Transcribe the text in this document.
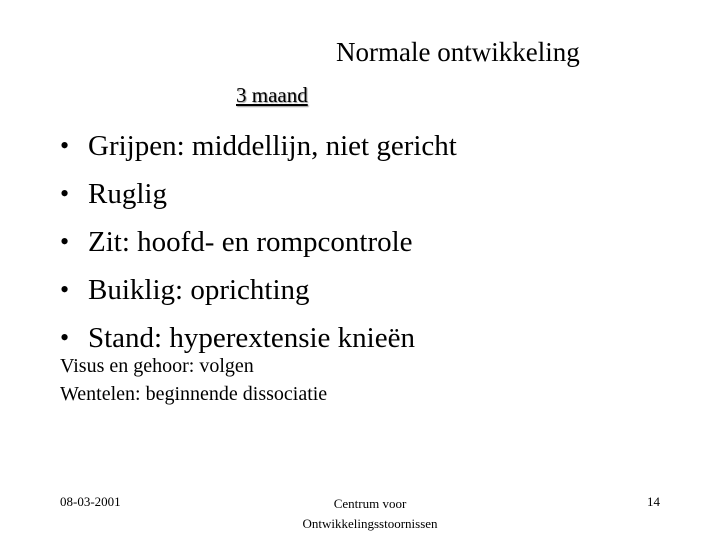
Normale ontwikkeling
3 maand
• Grijpen: middellijn, niet gericht
• Ruglig
• Zit: hoofd- en rompcontrole
• Buiklig: oprichting
• Stand: hyperextensie knieën
Visus en gehoor: volgen
Wentelen: beginnende dissociatie
08-03-2001	Centrum voor
Ontwikkelingsstoornissen
14
